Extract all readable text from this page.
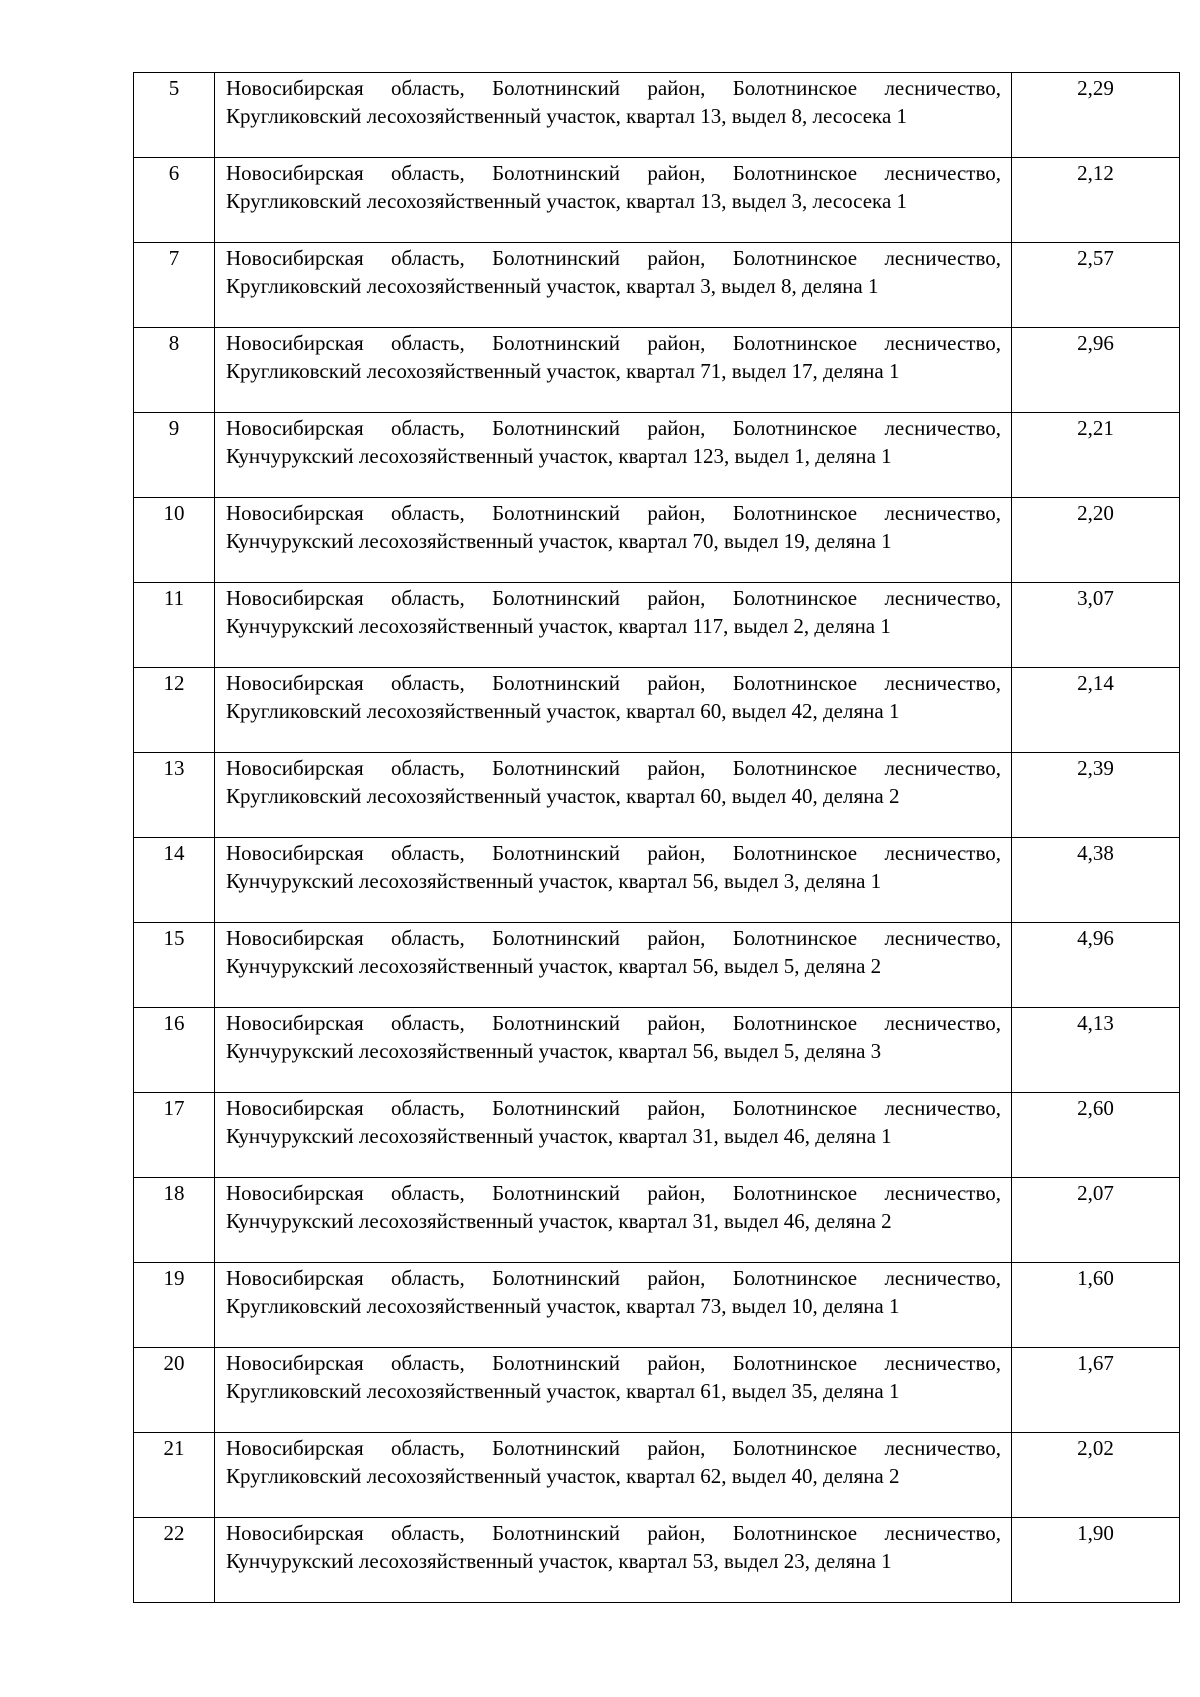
5	Новосибирская область, Болотнинский район, Болотнинское лесничество, Кругликовский лесохозяйственный участок, квартал 13, выдел 8, лесосека 1	2,29
6	Новосибирская область, Болотнинский район, Болотнинское лесничество, Кругликовский лесохозяйственный участок, квартал 13, выдел 3, лесосека 1	2,12
7	Новосибирская область, Болотнинский район, Болотнинское лесничество, Кругликовский лесохозяйственный участок, квартал 3, выдел 8, деляна 1	2,57
8	Новосибирская область, Болотнинский район, Болотнинское лесничество, Кругликовский лесохозяйственный участок, квартал 71, выдел 17, деляна 1	2,96
9	Новосибирская область, Болотнинский район, Болотнинское лесничество, Кунчурукский лесохозяйственный участок, квартал 123, выдел 1, деляна 1	2,21
10	Новосибирская область, Болотнинский район, Болотнинское лесничество, Кунчурукский лесохозяйственный участок, квартал 70, выдел 19, деляна 1	2,20
11	Новосибирская область, Болотнинский район, Болотнинское лесничество, Кунчурукский лесохозяйственный участок, квартал 117, выдел 2, деляна 1	3,07
12	Новосибирская область, Болотнинский район, Болотнинское лесничество, Кругликовский лесохозяйственный участок, квартал 60, выдел 42, деляна 1	2,14
13	Новосибирская область, Болотнинский район, Болотнинское лесничество, Кругликовский лесохозяйственный участок, квартал 60, выдел 40, деляна 2	2,39
14	Новосибирская область, Болотнинский район, Болотнинское лесничество, Кунчурукский лесохозяйственный участок, квартал 56, выдел 3, деляна 1	4,38
15	Новосибирская область, Болотнинский район, Болотнинское лесничество, Кунчурукский лесохозяйственный участок, квартал 56, выдел 5, деляна 2	4,96
16	Новосибирская область, Болотнинский район, Болотнинское лесничество, Кунчурукский лесохозяйственный участок, квартал 56, выдел 5, деляна 3	4,13
17	Новосибирская область, Болотнинский район, Болотнинское лесничество, Кунчурукский лесохозяйственный участок, квартал 31, выдел 46, деляна 1	2,60
18	Новосибирская область, Болотнинский район, Болотнинское лесничество, Кунчурукский лесохозяйственный участок, квартал 31, выдел 46, деляна 2	2,07
19	Новосибирская область, Болотнинский район, Болотнинское лесничество, Кругликовский лесохозяйственный участок, квартал 73, выдел 10, деляна 1	1,60
20	Новосибирская область, Болотнинский район, Болотнинское лесничество, Кругликовский лесохозяйственный участок, квартал 61, выдел 35, деляна 1	1,67
21	Новосибирская область, Болотнинский район, Болотнинское лесничество, Кругликовский лесохозяйственный участок, квартал 62, выдел 40, деляна 2	2,02
22	Новосибирская область, Болотнинский район, Болотнинское лесничество, Кунчурукский лесохозяйственный участок, квартал 53, выдел 23, деляна 1	1,90
